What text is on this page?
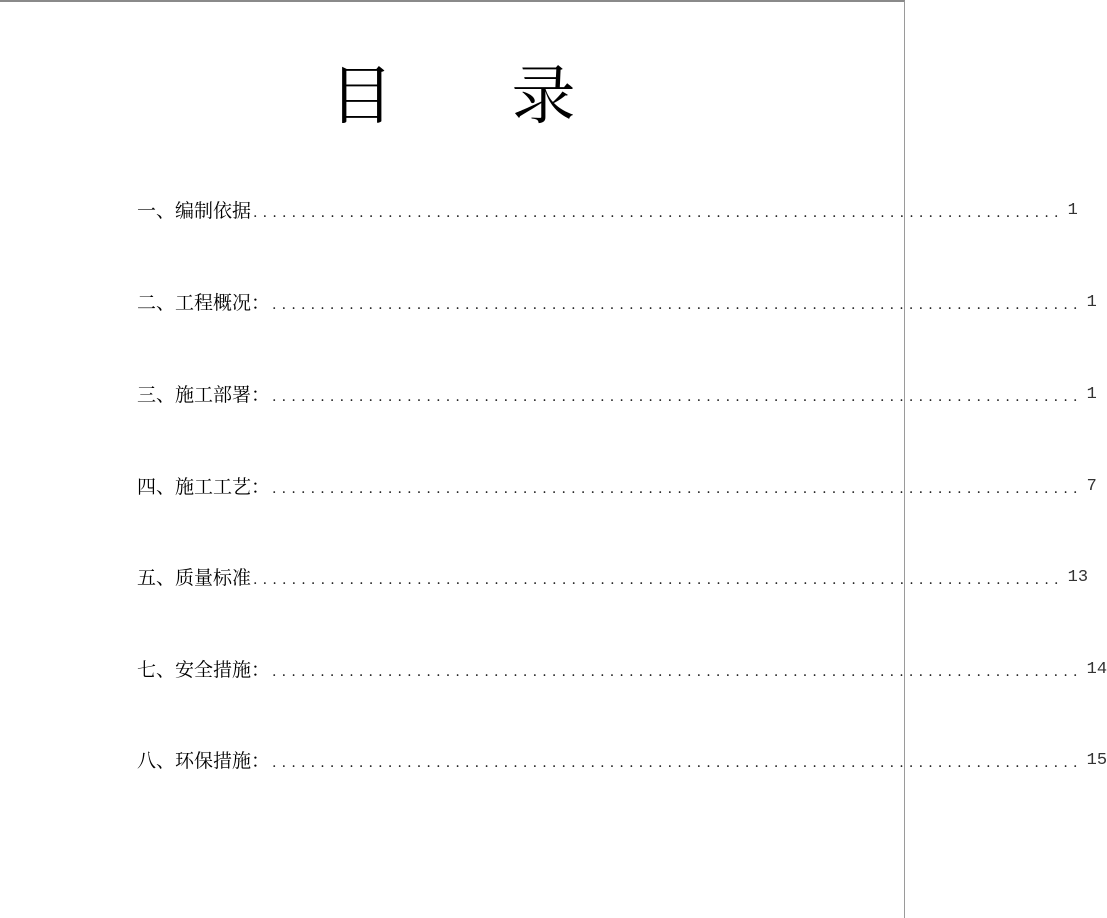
目 录
一、编制依据 .................................................................................... 1
二、工程概况： .................................................................................... 1
三、施工部署： .................................................................................... 1
四、施工工艺： .................................................................................... 7
五、质量标准 .................................................................................... 13
七、安全措施： .................................................................................... 14
八、环保措施： .................................................................................... 15
